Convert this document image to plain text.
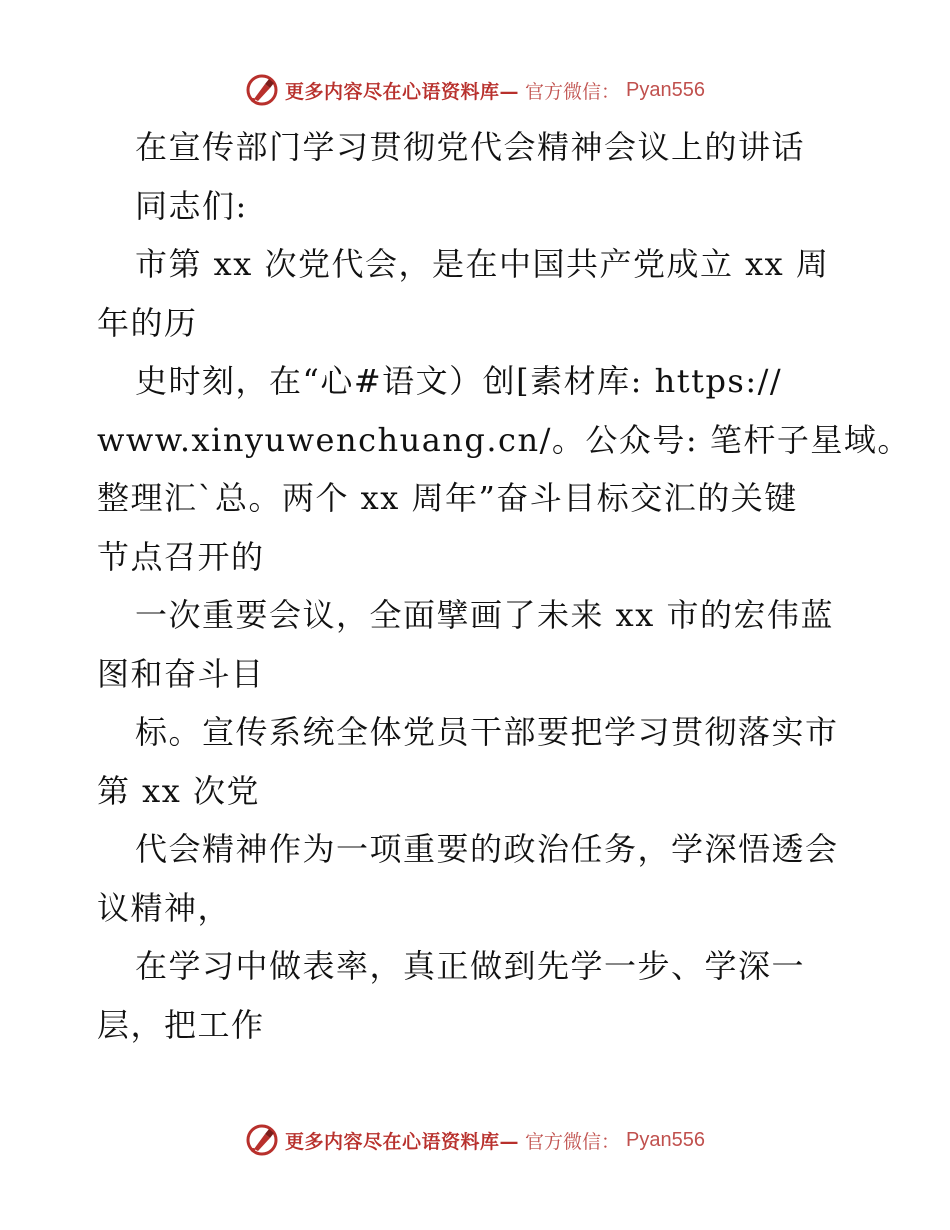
更多内容尽在心语资料库— 官方微信： Pyan556
在宣传部门学习贯彻党代会精神会议上的讲话
同志们:
市第 xx 次党代会，是在中国共产党成立 xx 周
年的历
史时刻，在“心#语文）创[素材库: https://
www.xinyuwenchuang.cn/。公众号: 笔杆子星域。
整理汇`总。两个 xx 周年”奋斗目标交汇的关键
节点召开的
一次重要会议，全面擘画了未来 xx 市的宏伟蓝
图和奋斗目
标。宣传系统全体党员干部要把学习贯彻落实市
第 xx 次党
代会精神作为一项重要的政治任务，学深悟透会
议精神，
在学习中做表率，真正做到先学一步、学深一
层，把工作
更多内容尽在心语资料库— 官方微信： Pyan556
